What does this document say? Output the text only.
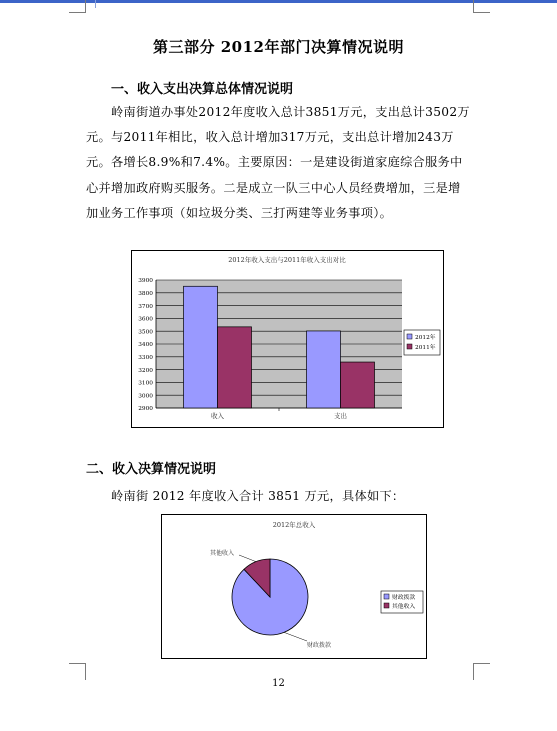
第三部分 2012年部门决算情况说明
一、收入支出决算总体情况说明

岭南街道办事处2012年度收入总计3851万元，支出总计3502万元。与2011年相比，收入总计增加317万元，支出总计增加243万元。各增长8.9%和7.4%。主要原因：一是建设街道家庭综合服务中心并增加政府购买服务。二是成立一队三中心人员经费增加，三是增加业务工作事项（如垃圾分类、三打两建等业务事项）。

2012年收入支出与2011年收入支出对比
2900
3000
3100
3200
3300
3400
3500
3600
3700
3800
3900
收入	支出
2012年
2011年
二、收入决算情况说明
岭南街 2012 年度收入合计 3851 万元，具体如下：
2012年总收入
财政拨款
其他收入
财政拨款
其他收入
12
